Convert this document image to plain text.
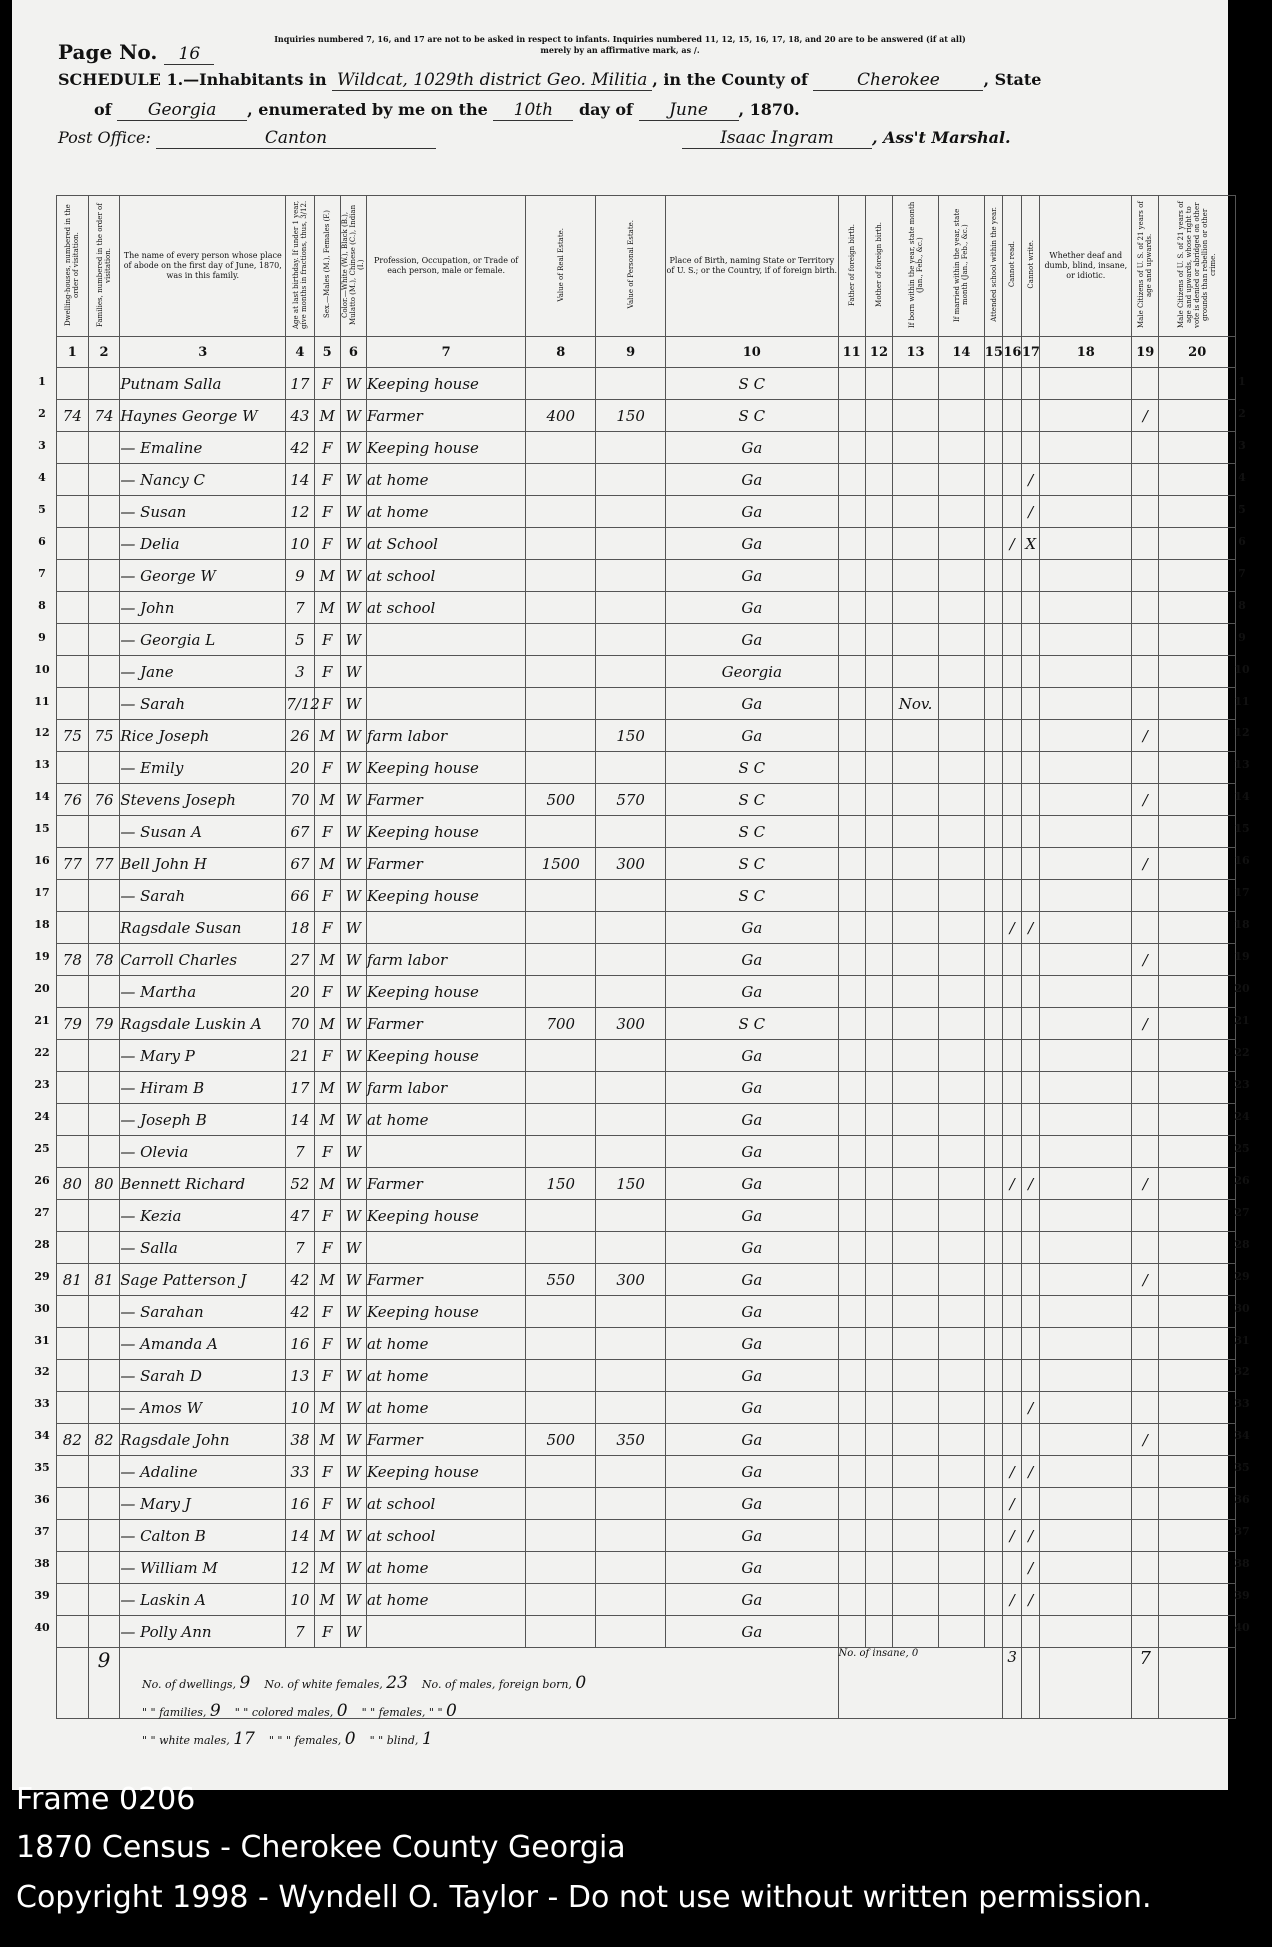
Page No. 16
Inquiries numbered 7, 16, and 17 are not to be asked in respect to infants. Inquiries numbered 11, 12, 15, 16, 17, 18, and 20 are to be answered (if at all)
merely by an affirmative mark, as /.
SCHEDULE 1.—Inhabitants in Wildcat, 1029th district Geo. Militia , in the County of	Cherokee	, State
of Georgia , enumerated by me on the 10th day of June , 1870.
Post Office:	Canton	Isaac Ingram , Ass't Marshal.
Dwelling-houses, numbered in the order of visitation.	Families, numbered in the order of visitation.	The name of every person whose place of abode on the first day of June, 1870, was in this family.	Age at last birthday. If under 1 year, give months in fractions, thus, 3/12.	Sex.—Males (M.), Females (F.)	Color.—White (W.), Black (B.), Mulatto (M.), Chinese (C.), Indian (I.)	Profession, Occupation, or Trade of each person, male or female.	Value of Real Estate.	Value of Personal Estate.	Place of Birth, naming State or Territory of U. S.; or the Country, if of foreign birth.	Father of foreign birth.	Mother of foreign birth.	If born within the year, state month (Jan., Feb., &c.)	If married within the year, state month (Jan., Feb., &c.)	Attended school within the year.	Cannot read.	Cannot write.	Whether deaf and dumb, blind, insane, or idiotic.	Male Citizens of U. S. of 21 years of age and upwards.	Male Citizens of U. S. of 21 years of age and upwards, whose right to vote is denied or abridged on other grounds than rebellion or other crime.
1	2	3	4	5	6	7	8	9	10	11	12	13	14	15	16	17	18	19	20
		Putnam Salla	17	F	W	Keeping house			S C										
74	74	Haynes George W	43	M	W	Farmer	400	150	S C									/	
		— Emaline	42	F	W	Keeping house			Ga										
		— Nancy C	14	F	W	at home			Ga							/			
		— Susan	12	F	W	at home			Ga							/			
		— Delia	10	F	W	at School			Ga						/	X			
		— George W	9	M	W	at school			Ga										
		— John	7	M	W	at school			Ga										
		— Georgia L	5	F	W				Ga										
		— Jane	3	F	W				Georgia										
		— Sarah	7/12	F	W				Ga			Nov.							
75	75	Rice Joseph	26	M	W	farm labor		150	Ga									/	
		— Emily	20	F	W	Keeping house			S C										
76	76	Stevens Joseph	70	M	W	Farmer	500	570	S C									/	
		— Susan A	67	F	W	Keeping house			S C										
77	77	Bell John H	67	M	W	Farmer	1500	300	S C									/	
		— Sarah	66	F	W	Keeping house			S C										
		Ragsdale Susan	18	F	W				Ga						/	/			
78	78	Carroll Charles	27	M	W	farm labor			Ga									/	
		— Martha	20	F	W	Keeping house			Ga										
79	79	Ragsdale Luskin A	70	M	W	Farmer	700	300	S C									/	
		— Mary P	21	F	W	Keeping house			Ga										
		— Hiram B	17	M	W	farm labor			Ga										
		— Joseph B	14	M	W	at home			Ga										
		— Olevia	7	F	W				Ga										
80	80	Bennett Richard	52	M	W	Farmer	150	150	Ga						/	/		/	
		— Kezia	47	F	W	Keeping house			Ga										
		— Salla	7	F	W				Ga										
81	81	Sage Patterson J	42	M	W	Farmer	550	300	Ga									/	
		— Sarahan	42	F	W	Keeping house			Ga										
		— Amanda A	16	F	W	at home			Ga										
		— Sarah D	13	F	W	at home			Ga										
		— Amos W	10	M	W	at home			Ga							/			
82	82	Ragsdale John	38	M	W	Farmer	500	350	Ga									/	
		— Adaline	33	F	W	Keeping house			Ga						/	/			
		— Mary J	16	F	W	at school			Ga						/				
		— Calton B	14	M	W	at school			Ga						/	/			
		— William M	12	M	W	at home			Ga							/			
		— Laskin A	10	M	W	at home			Ga						/	/			
		— Polly Ann	7	F	W				Ga										
	9									No. of insane, 0					3			7	
No. of dwellings, 9 No. of white females, 23 No. of males, foreign born, 0
" " families, 9 " " colored males, 0 " " females, " " 0
" " white males, 17 " " " females, 0 " " blind, 1
1
2
3
4
5
6
7
8
9
10
11
12
13
14
15
16
17
18
19
20
21
22
23
24
25
26
27
28
29
30
31
32
33
34
35
36
37
38
39
40
1
2
3
4
5
6
7
8
9
10
11
12
13
14
15
16
17
18
19
20
21
22
23
24
25
26
27
28
29
30
31
32
33
34
35
36
37
38
39
40
Frame 0206
1870 Census - Cherokee County Georgia
Copyright 1998 - Wyndell O. Taylor - Do not use without written permission.
